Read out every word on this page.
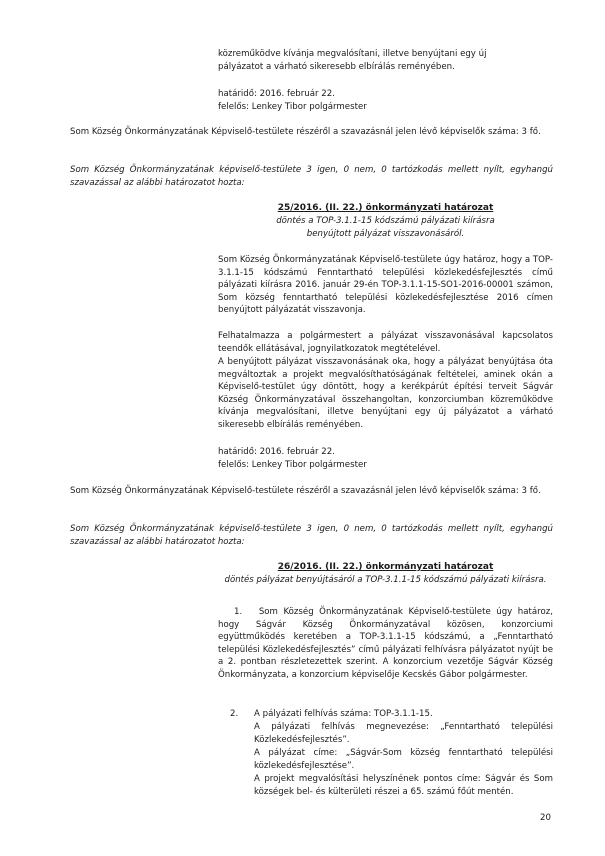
közreműködve kívánja megvalósítani, illetve benyújtani egy új
pályázatot a várható sikeresebb elbírálás reményében.

határidő: 2016. február 22.

felelős: Lenkey Tibor polgármester

Som Község Önkormányzatának Képviselő-testülete részéről a szavazásnál jelen lévő képviselők száma: 3 fő.

Som Község Önkormányzatának képviselő-testülete 3 igen, 0 nem, 0 tartózkodás mellett nyílt, egyhangú szavazással az alábbi határozatot hozta:

25/2016. (II. 22.) önkormányzati határozat

döntés a TOP-3.1.1-15 kódszámú pályázati kiírásra

benyújtott pályázat visszavonásáról.

Som Község Önkormányzatának Képviselő-testülete úgy határoz, hogy a TOP-3.1.1-15 kódszámú Fenntartható települési közlekedésfejlesztés című pályázati kiírásra 2016. január 29-én TOP-3.1.1-15-SO1-2016-00001 számon, Som község fenntartható települési közlekedésfejlesztése 2016 címen benyújtott pályázatát visszavonja.

Felhatalmazza a polgármestert a pályázat visszavonásával kapcsolatos teendők ellátásával, jognyilatkozatok megtételével.

A benyújtott pályázat visszavonásának oka, hogy a pályázat benyújtása óta megváltoztak a projekt megvalósíthatóságának feltételei, aminek okán a Képviselő-testület úgy döntött, hogy a kerékpárút építési terveit Ságvár Község Önkormányzatával összehangoltan, konzorciumban közreműködve kívánja megvalósítani, illetve benyújtani egy új pályázatot a várható sikeresebb elbírálás reményében.

határidő: 2016. február 22.

felelős: Lenkey Tibor polgármester

Som Község Önkormányzatának Képviselő-testülete részéről a szavazásnál jelen lévő képviselők száma: 3 fő.

Som Község Önkormányzatának képviselő-testülete 3 igen, 0 nem, 0 tartózkodás mellett nyílt, egyhangú szavazással az alábbi határozatot hozta:

26/2016. (II. 22.) önkormányzati határozat

döntés pályázat benyújtásáról a TOP-3.1.1-15 kódszámú pályázati kiírásra.

1. Som Község Önkormányzatának Képviselő-testülete úgy határoz, hogy Ságvár Község Önkormányzatával közösen, konzorciumi együttműködés keretében a TOP-3.1.1-15 kódszámú, a „Fenntartható települési Közlekedésfejlesztés” című pályázati felhívásra pályázatot nyújt be a 2. pontban részletezettek szerint. A konzorcium vezetője Ságvár Község Önkormányzata, a konzorcium képviselője Kecskés Gábor polgármester.

2. A pályázati felhívás száma: TOP-3.1.1-15.

A pályázati felhívás megnevezése: „Fenntartható települési Közlekedésfejlesztés”.

A pályázat címe: „Ságvár-Som község fenntartható települési közlekedésfejlesztése”.

A projekt megvalósítási helyszínének pontos címe: Ságvár és Som községek bel- és külterületi részei a 65. számú főút mentén.

20
